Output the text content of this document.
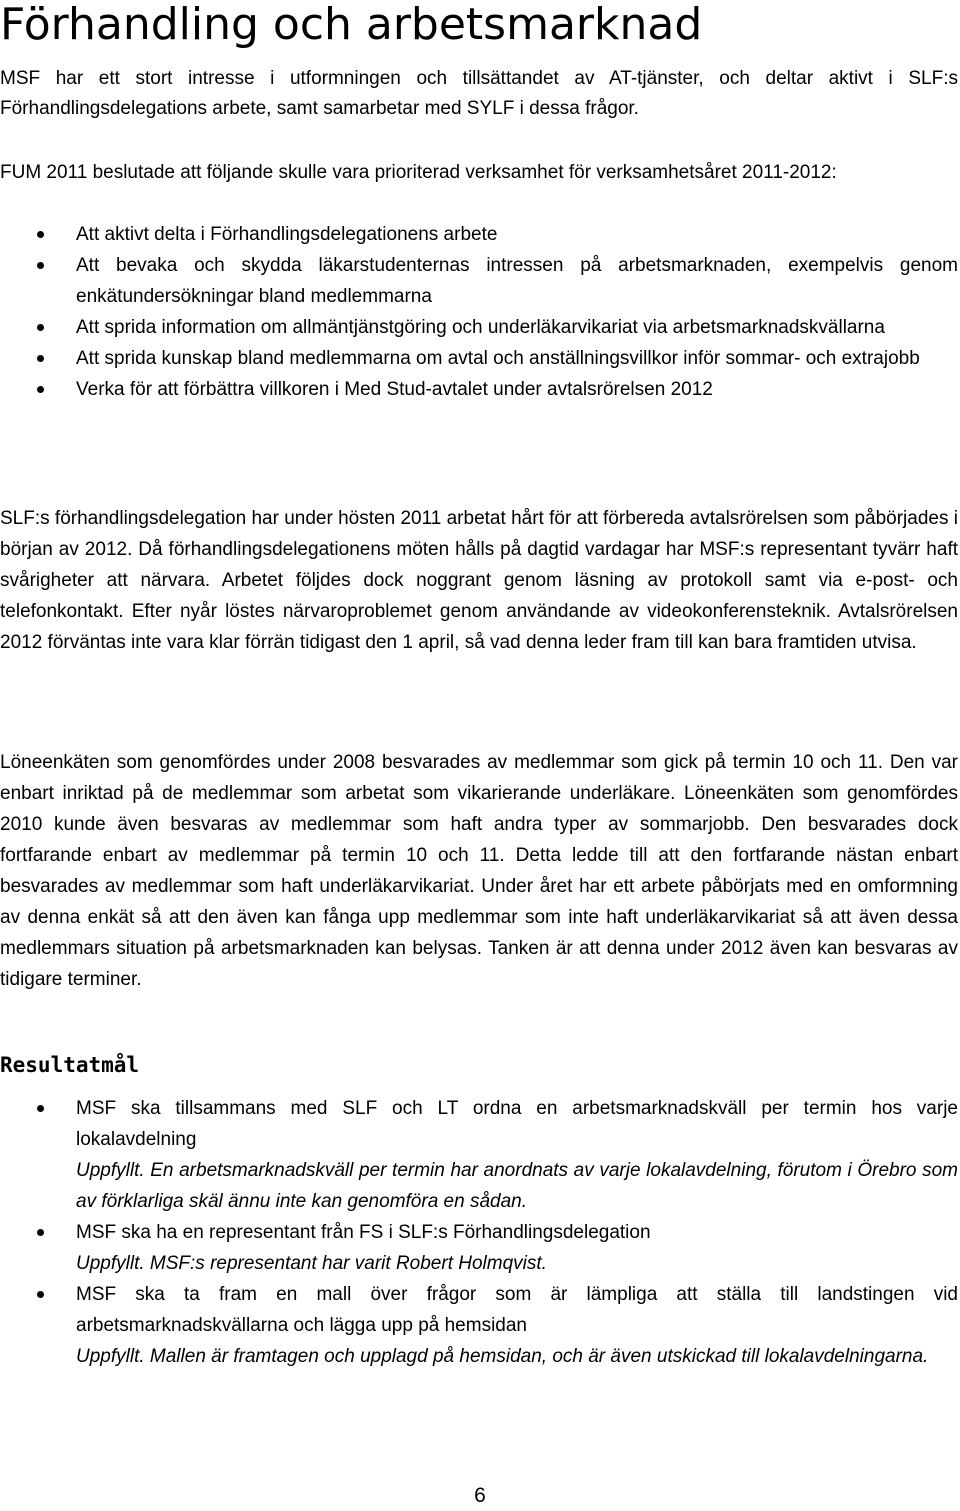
Förhandling och arbetsmarknad

MSF har ett stort intresse i utformningen och tillsättandet av AT-tjänster, och deltar aktivt i SLF:s Förhandlingsdelegations arbete, samt samarbetar med SYLF i dessa frågor.

FUM 2011 beslutade att följande skulle vara prioriterad verksamhet för verksamhetsåret 2011-2012:

Att aktivt delta i Förhandlingsdelegationens arbete
Att bevaka och skydda läkarstudenternas intressen på arbetsmarknaden, exempelvis genom enkätundersökningar bland medlemmarna
Att sprida information om allmäntjänstgöring och underläkarvikariat via arbetsmarknadskvällarna
Att sprida kunskap bland medlemmarna om avtal och anställningsvillkor inför sommar- och extrajobb
Verka för att förbättra villkoren i Med Stud-avtalet under avtalsrörelsen 2012

SLF:s förhandlingsdelegation har under hösten 2011 arbetat hårt för att förbereda avtalsrörelsen som påbörjades i början av 2012. Då förhandlingsdelegationens möten hålls på dagtid vardagar har MSF:s representant tyvärr haft svårigheter att närvara. Arbetet följdes dock noggrant genom läsning av protokoll samt via e-post- och telefonkontakt. Efter nyår löstes närvaroproblemet genom användande av videokonferensteknik. Avtalsrörelsen 2012 förväntas inte vara klar förrän tidigast den 1 april, så vad denna leder fram till kan bara framtiden utvisa.

Löneenkäten som genomfördes under 2008 besvarades av medlemmar som gick på termin 10 och 11. Den var enbart inriktad på de medlemmar som arbetat som vikarierande underläkare. Löneenkäten som genomfördes 2010 kunde även besvaras av medlemmar som haft andra typer av sommarjobb. Den besvarades dock fortfarande enbart av medlemmar på termin 10 och 11. Detta ledde till att den fortfarande nästan enbart besvarades av medlemmar som haft underläkarvikariat. Under året har ett arbete påbörjats med en omformning av denna enkät så att den även kan fånga upp medlemmar som inte haft underläkarvikariat så att även dessa medlemmars situation på arbetsmarknaden kan belysas. Tanken är att denna under 2012 även kan besvaras av tidigare terminer.

Resultatmål
MSF ska tillsammans med SLF och LT ordna en arbetsmarknadskväll per termin hos varje lokalavdelning
Uppfyllt. En arbetsmarknadskväll per termin har anordnats av varje lokalavdelning, förutom i Örebro som av förklarliga skäl ännu inte kan genomföra en sådan.
MSF ska ha en representant från FS i SLF:s Förhandlingsdelegation
Uppfyllt. MSF:s representant har varit Robert Holmqvist.
MSF ska ta fram en mall över frågor som är lämpliga att ställa till landstingen vid arbetsmarknadskvällarna och lägga upp på hemsidan
Uppfyllt. Mallen är framtagen och upplagd på hemsidan, och är även utskickad till lokalavdelningarna.
6
